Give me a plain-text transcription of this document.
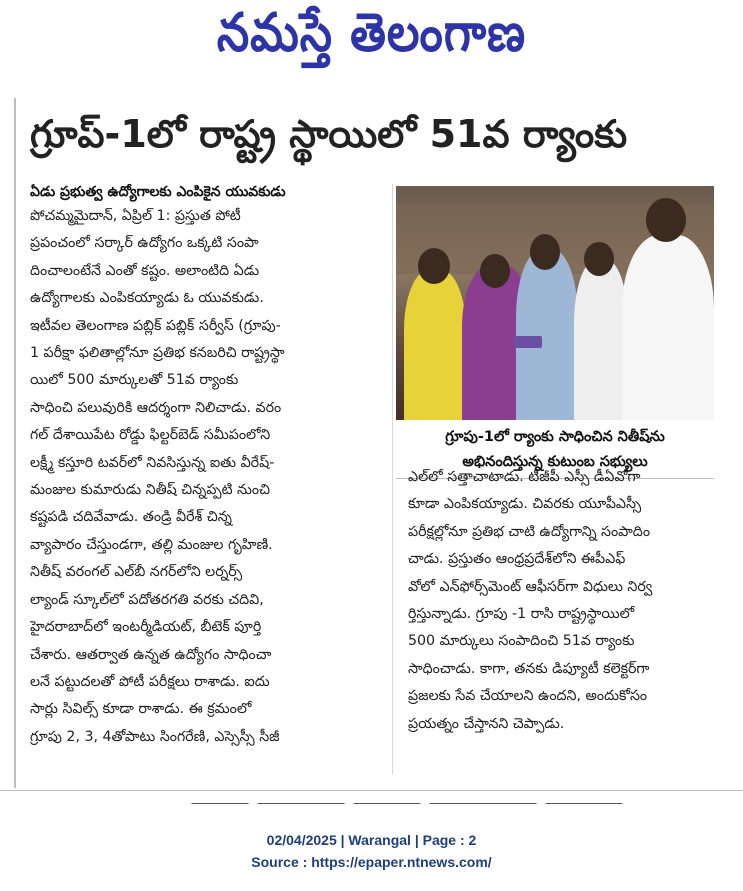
నమస్తే తెలంగాణ
గ్రూప్-1లో రాష్ట్ర స్థాయిలో 51వ ర్యాంకు
ఏడు ప్రభుత్వ ఉద్యోగాలకు ఎంపికైన యువకుడు
పోచమ్మమైదాన్, ఏప్రిల్ 1: ప్రస్తుత పోటీ
ప్రపంచంలో సర్కార్ ఉద్యోగం ఒక్కటి సంపా
దించాలంటేనే ఎంతో కష్టం. అలాంటిది ఏడు
ఉద్యోగాలకు ఎంపికయ్యాడు ఓ యువకుడు.
ఇటీవల తెలంగాణ పబ్లిక్ పబ్లిక్ సర్వీస్ (గ్రూపు-
1 పరీక్షా ఫలితాల్లోనూ ప్రతిభ కనబరిచి రాష్ట్రస్థా
యిలో 500 మార్కులతో 51వ ర్యాంకు
సాధించి పలువురికి ఆదర్శంగా నిలిచాడు. వరం
గల్ దేశాయిపేట రోడ్డు ఫిల్టర్‌బెడ్ సమీపంలోని
లక్ష్మీ కస్తూరి టవర్‌లో నివసిస్తున్న ఐతు వీరేష్-
మంజుల కుమారుడు నితీష్ చిన్నప్పటి నుంచి
కష్టపడి చదివేవాడు. తండ్రి వీరేశ్ చిన్న
వ్యాపారం చేస్తుండగా, తల్లి మంజుల గృహిణి.
నితీష్ వరంగల్ ఎల్‌బీ నగర్‌లోని లర్నర్స్
ల్యాండ్ స్కూల్‌లో పదోతరగతి వరకు చదివి,
హైదరాబాద్‌లో ఇంటర్మీడియట్, బీటెక్ పూర్తి
చేశారు. ఆతర్వాత ఉన్నత ఉద్యోగం సాధించా
లనే పట్టుదలతో పోటీ పరీక్షలు రాశాడు. ఐదు
సార్లు సివిల్స్ కూడా రాశాడు. ఈ క్రమంలో
గ్రూపు 2, 3, 4తోపాటు సింగరేణి, ఎస్సెస్సీ సీజీ
గ్రూపు-1లో ర్యాంకు సాధించిన నితీష్‌ను
అభినందిస్తున్న కుటుంబ సభ్యులు
ఎల్‌లో సత్తాచాటాడు. టీజీపీ ఎస్సీ డీఏవోగా
కూడా ఎంపికయ్యాడు. చివరకు యూపీఎస్సీ
పరీక్షల్లోనూ ప్రతిభ చాటి ఉద్యోగాన్ని సంపాదిం
చాడు. ప్రస్తుతం ఆంధ్రప్రదేశ్‌లోని ఈపీఎఫ్
వోలో ఎన్‌ఫోర్స్‌మెంట్ ఆఫీసర్‌గా విధులు నిర్వ
ర్తిస్తున్నాడు. గ్రూపు -1 రాసి రాష్ట్రస్థాయిలో
500 మార్కులు సంపాదించి 51వ ర్యాంకు
సాధించాడు. కాగా, తనకు డిప్యూటీ కలెక్టర్‌గా
ప్రజలకు సేవ చేయాలని ఉందని, అందుకోసం
ప్రయత్నం చేస్తానని చెప్పాడు.
02/04/2025 | Warangal | Page : 2
Source : https://epaper.ntnews.com/
